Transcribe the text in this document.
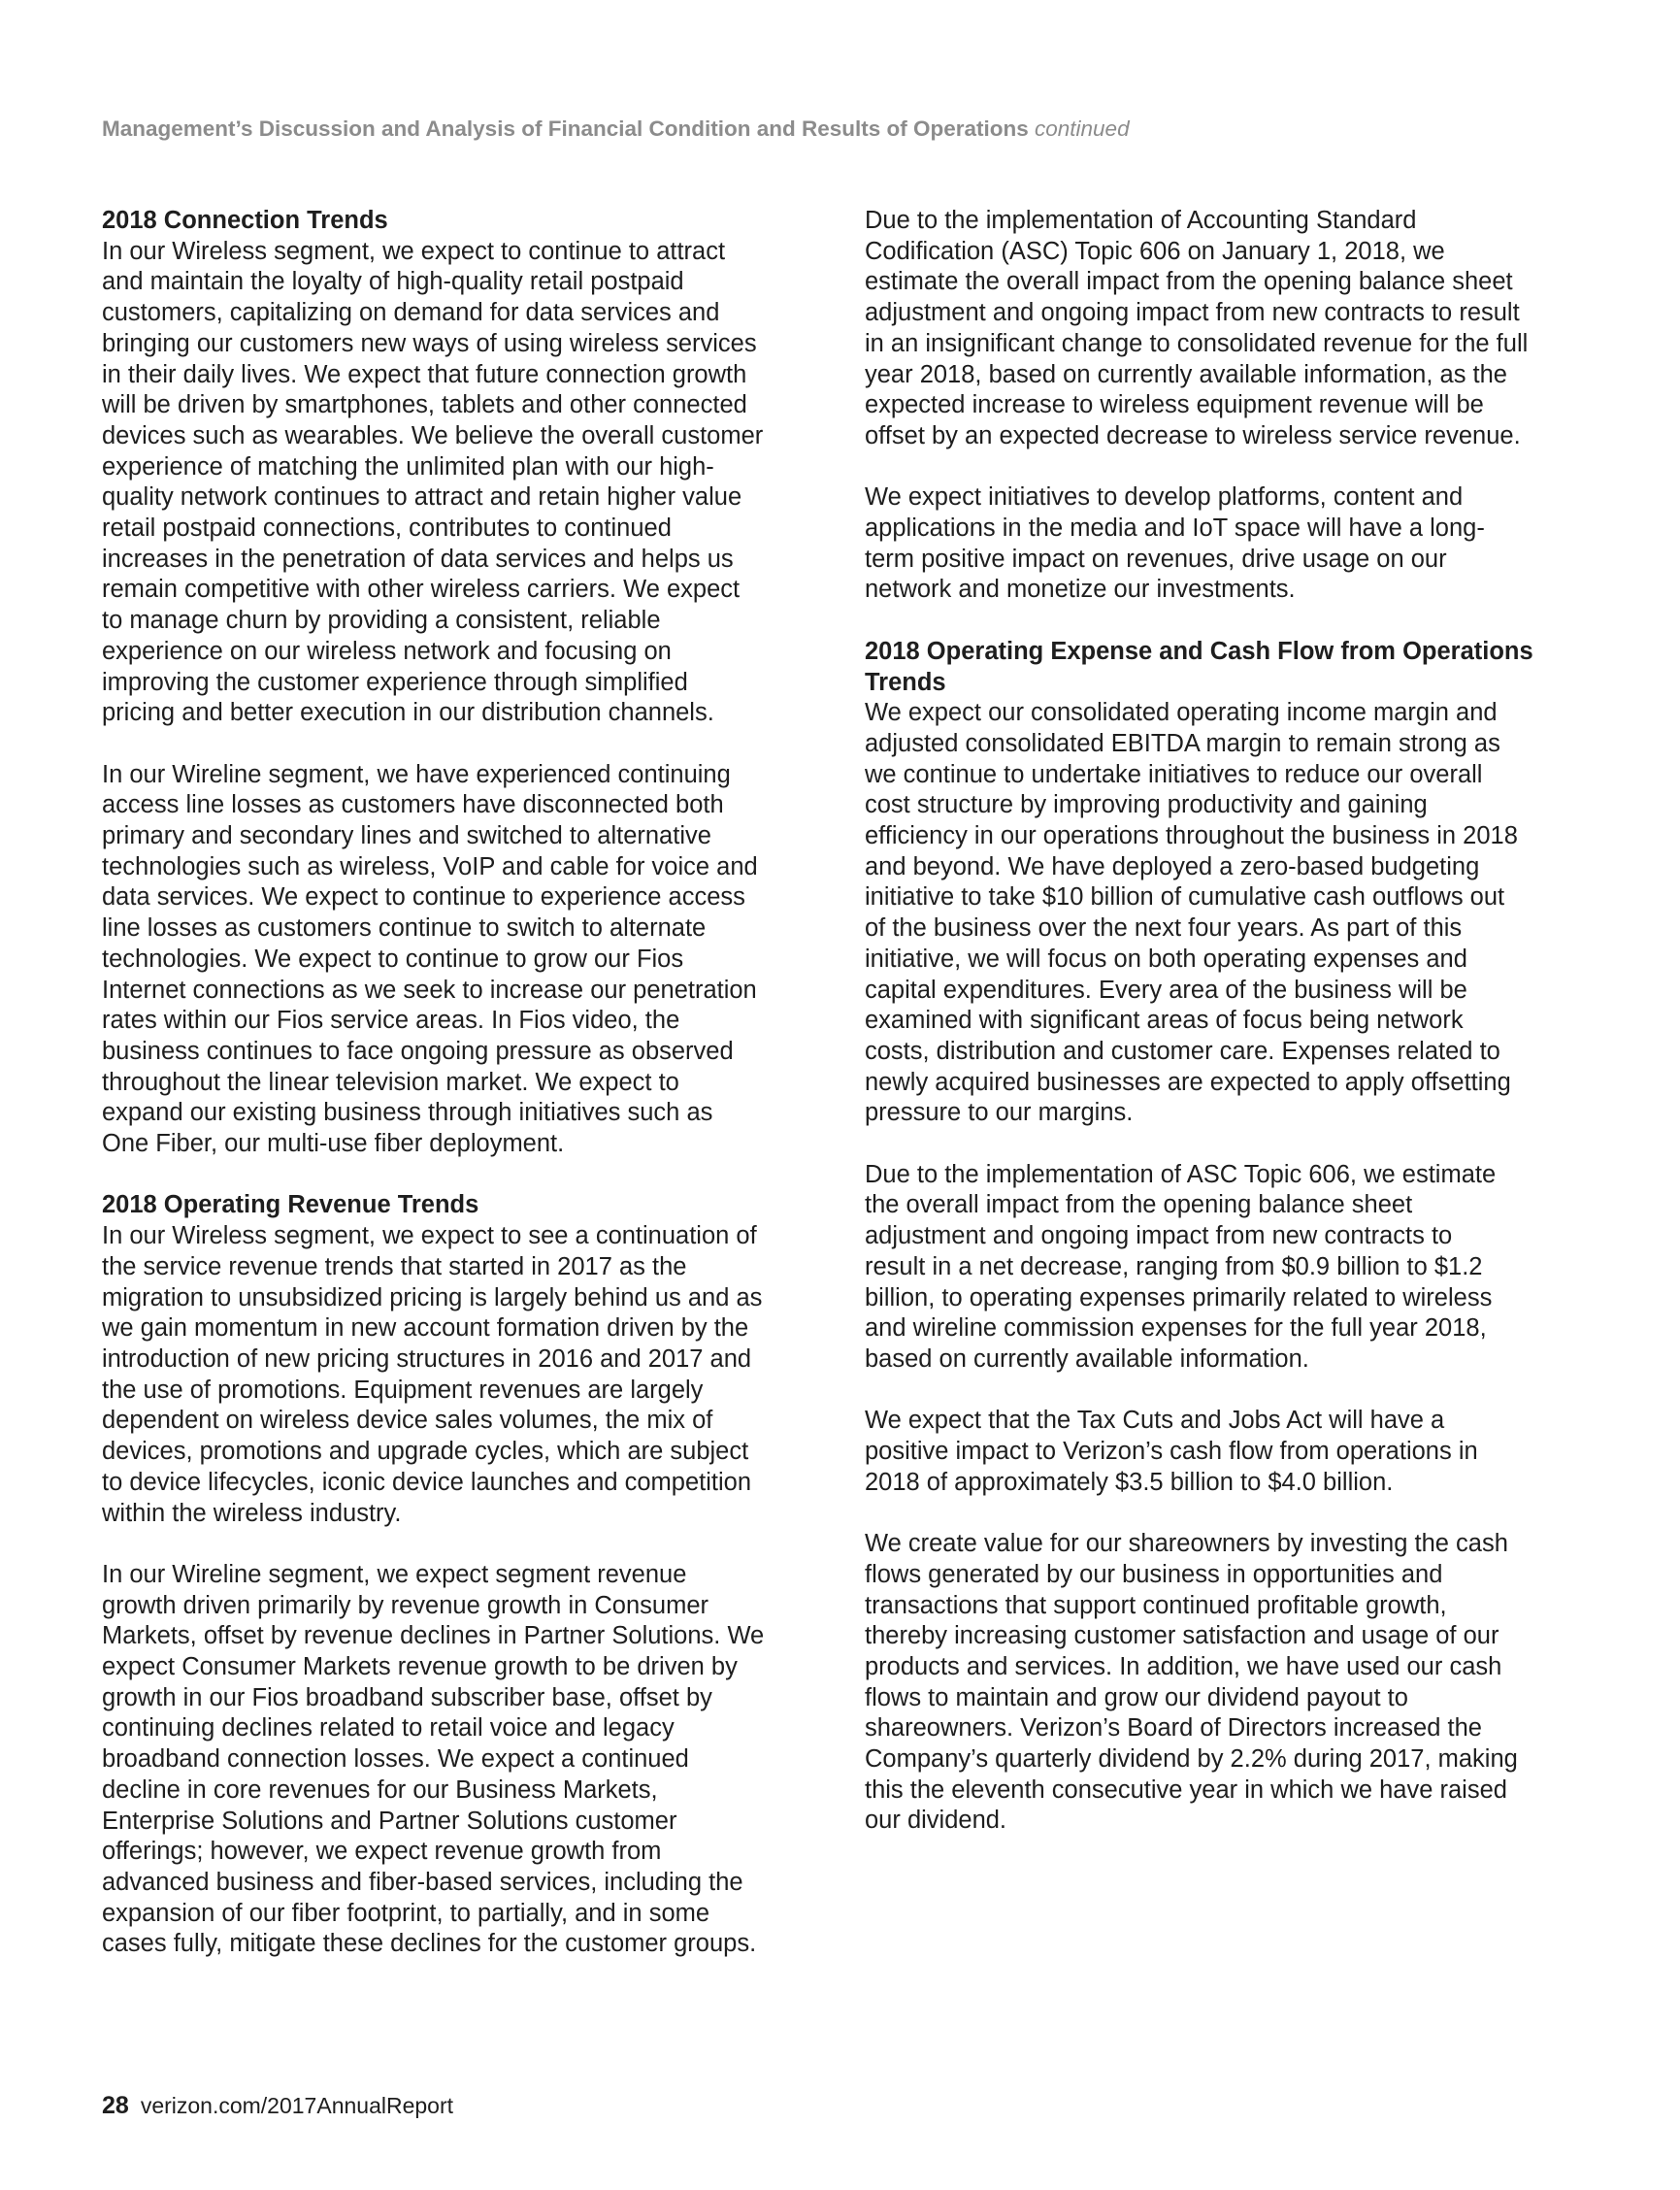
Management’s Discussion and Analysis of Financial Condition and Results of Operations continued
2018 Connection Trends

In our Wireless segment, we expect to continue to attract
and maintain the loyalty of high-quality retail postpaid
customers, capitalizing on demand for data services and
bringing our customers new ways of using wireless services
in their daily lives. We expect that future connection growth
will be driven by smartphones, tablets and other connected
devices such as wearables. We believe the overall customer
experience of matching the unlimited plan with our high-
quality network continues to attract and retain higher value
retail postpaid connections, contributes to continued
increases in the penetration of data services and helps us
remain competitive with other wireless carriers. We expect
to manage churn by providing a consistent, reliable
experience on our wireless network and focusing on
improving the customer experience through simplified
pricing and better execution in our distribution channels.

In our Wireline segment, we have experienced continuing
access line losses as customers have disconnected both
primary and secondary lines and switched to alternative
technologies such as wireless, VoIP and cable for voice and
data services. We expect to continue to experience access
line losses as customers continue to switch to alternate
technologies. We expect to continue to grow our Fios
Internet connections as we seek to increase our penetration
rates within our Fios service areas. In Fios video, the
business continues to face ongoing pressure as observed
throughout the linear television market. We expect to
expand our existing business through initiatives such as
One Fiber, our multi-use fiber deployment.

2018 Operating Revenue Trends

In our Wireless segment, we expect to see a continuation of
the service revenue trends that started in 2017 as the
migration to unsubsidized pricing is largely behind us and as
we gain momentum in new account formation driven by the
introduction of new pricing structures in 2016 and 2017 and
the use of promotions. Equipment revenues are largely
dependent on wireless device sales volumes, the mix of
devices, promotions and upgrade cycles, which are subject
to device lifecycles, iconic device launches and competition
within the wireless industry.

In our Wireline segment, we expect segment revenue
growth driven primarily by revenue growth in Consumer
Markets, offset by revenue declines in Partner Solutions. We
expect Consumer Markets revenue growth to be driven by
growth in our Fios broadband subscriber base, offset by
continuing declines related to retail voice and legacy
broadband connection losses. We expect a continued
decline in core revenues for our Business Markets,
Enterprise Solutions and Partner Solutions customer
offerings; however, we expect revenue growth from
advanced business and fiber-based services, including the
expansion of our fiber footprint, to partially, and in some
cases fully, mitigate these declines for the customer groups.

Due to the implementation of Accounting Standard
Codification (ASC) Topic 606 on January 1, 2018, we
estimate the overall impact from the opening balance sheet
adjustment and ongoing impact from new contracts to result
in an insignificant change to consolidated revenue for the full
year 2018, based on currently available information, as the
expected increase to wireless equipment revenue will be
offset by an expected decrease to wireless service revenue.

We expect initiatives to develop platforms, content and
applications in the media and IoT space will have a long-
term positive impact on revenues, drive usage on our
network and monetize our investments.

2018 Operating Expense and Cash Flow from Operations
Trends

We expect our consolidated operating income margin and
adjusted consolidated EBITDA margin to remain strong as
we continue to undertake initiatives to reduce our overall
cost structure by improving productivity and gaining
efficiency in our operations throughout the business in 2018
and beyond. We have deployed a zero-based budgeting
initiative to take $10 billion of cumulative cash outflows out
of the business over the next four years. As part of this
initiative, we will focus on both operating expenses and
capital expenditures. Every area of the business will be
examined with significant areas of focus being network
costs, distribution and customer care. Expenses related to
newly acquired businesses are expected to apply offsetting
pressure to our margins.

Due to the implementation of ASC Topic 606, we estimate
the overall impact from the opening balance sheet
adjustment and ongoing impact from new contracts to
result in a net decrease, ranging from $0.9 billion to $1.2
billion, to operating expenses primarily related to wireless
and wireline commission expenses for the full year 2018,
based on currently available information.

We expect that the Tax Cuts and Jobs Act will have a
positive impact to Verizon’s cash flow from operations in
2018 of approximately $3.5 billion to $4.0 billion.

We create value for our shareowners by investing the cash
flows generated by our business in opportunities and
transactions that support continued profitable growth,
thereby increasing customer satisfaction and usage of our
products and services. In addition, we have used our cash
flows to maintain and grow our dividend payout to
shareowners. Verizon’s Board of Directors increased the
Company’s quarterly dividend by 2.2% during 2017, making
this the eleventh consecutive year in which we have raised
our dividend.

28 verizon.com/2017AnnualReport
